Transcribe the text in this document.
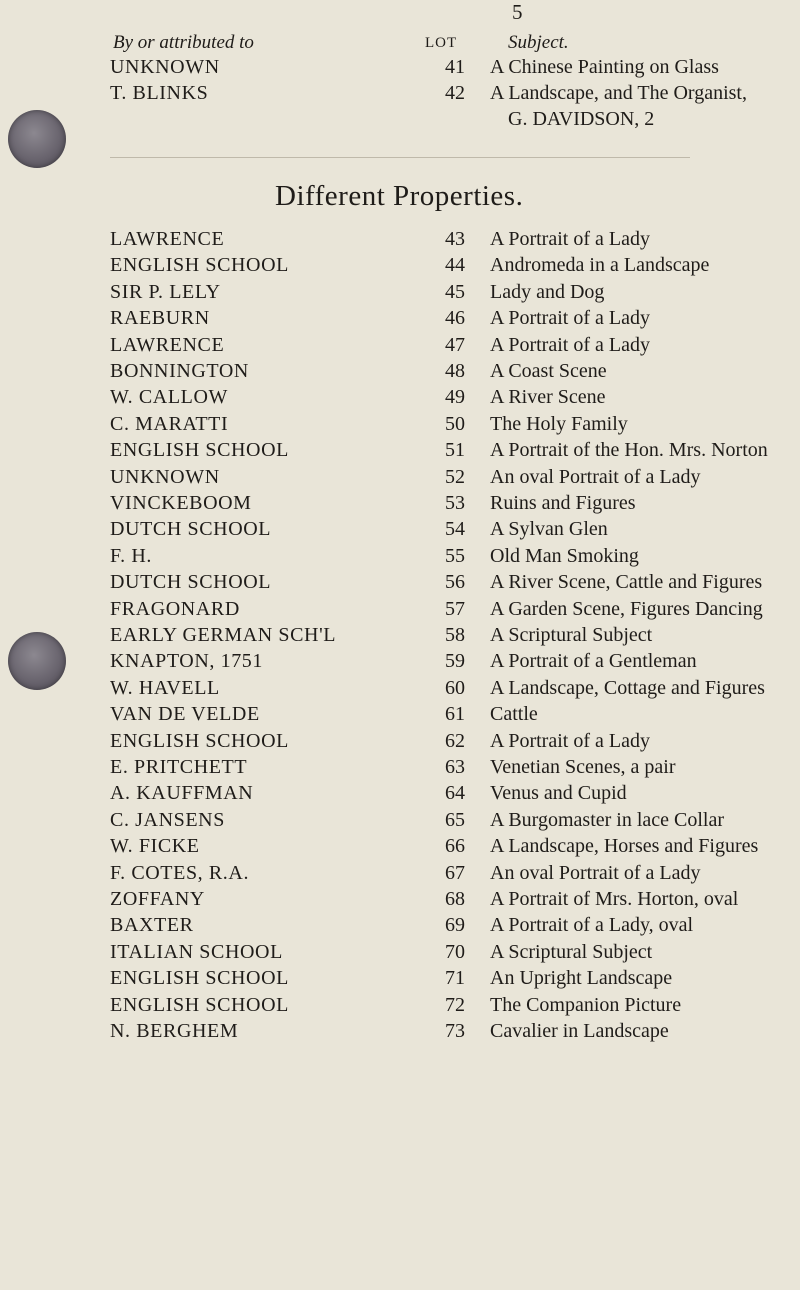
5
By or attributed to	LOT	Subject.
UNKNOWN	41 A Chinese Painting on Glass
T. BLINKS	42 A Landscape, and The Organist,
G. DAVIDSON, 2
Different Properties.
LAWRENCE	43 A Portrait of a Lady
ENGLISH SCHOOL	44 Andromeda in a Landscape
SIR P. LELY	45 Lady and Dog
RAEBURN	46 A Portrait of a Lady
LAWRENCE	47 A Portrait of a Lady
BONNINGTON	48 A Coast Scene
W. CALLOW	49 A River Scene
C. MARATTI	50 The Holy Family
ENGLISH SCHOOL	51 A Portrait of the Hon. Mrs. Norton
UNKNOWN	52 An oval Portrait of a Lady
VINCKEBOOM	53 Ruins and Figures
DUTCH SCHOOL	54 A Sylvan Glen
F. H.	55 Old Man Smoking
DUTCH SCHOOL	56 A River Scene, Cattle and Figures
FRAGONARD	57 A Garden Scene, Figures Dancing
EARLY GERMAN SCH'L	58 A Scriptural Subject
KNAPTON, 1751	59 A Portrait of a Gentleman
W. HAVELL	60 A Landscape, Cottage and Figures
VAN DE VELDE	61 Cattle
ENGLISH SCHOOL	62 A Portrait of a Lady
E. PRITCHETT	63 Venetian Scenes, a pair
A. KAUFFMAN	64 Venus and Cupid
C. JANSENS	65 A Burgomaster in lace Collar
W. FICKE	66 A Landscape, Horses and Figures
F. COTES, R.A.	67 An oval Portrait of a Lady
ZOFFANY	68 A Portrait of Mrs. Horton, oval
BAXTER	69 A Portrait of a Lady, oval
ITALIAN SCHOOL	70 A Scriptural Subject
ENGLISH SCHOOL	71 An Upright Landscape
ENGLISH SCHOOL	72 The Companion Picture
N. BERGHEM	73 Cavalier in Landscape
